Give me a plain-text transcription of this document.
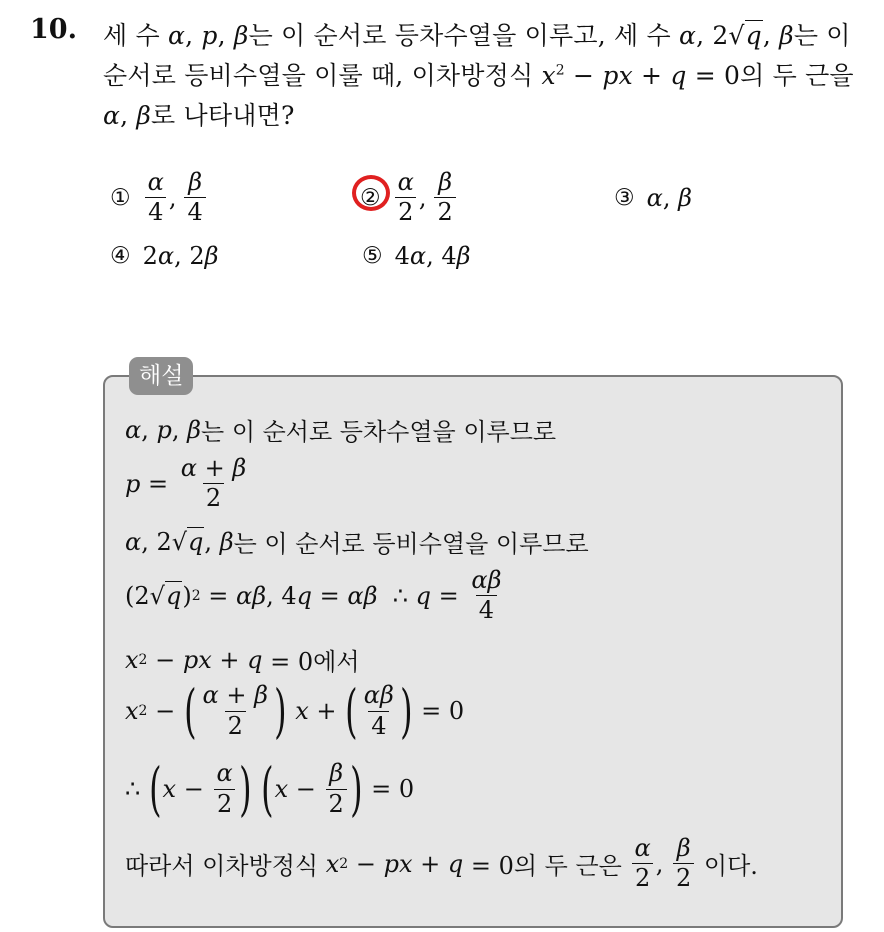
10. 세 수 α, p, β는 이 순서로 등차수열을 이루고, 세 수 α, 2√q, β는 이
순서로 등비수열을 이룰 때, 이차방정식 $x^2$ − px + q = 0의 두 근을
α, β로 나타내면?
① $\frac{\alpha}{4}$ , $\frac{\beta}{4}$	② $\frac{\alpha}{2}$ , $\frac{\beta}{2}$	③ α , β
④ 2 α , 2 β	⑤ 4 α , 4 β
해설
α , p , β 는 이 순서로 등차수열을 이루므로
$p = \frac{\alpha + \beta}{2}$
α , 2 √q , β 는 이 순서로 등비수열을 이루므로
(2 √q ) 2 = αβ , 4 q = αβ ∴ $q = \frac{\alpha\beta}{4}$
x 2 − px + q = 0에서
x 2 − ( $\frac{\alpha + \beta}{2}$ )
x + ( $\frac{\alpha\beta}{4}$ ) = 0
∴ ( $x - \frac{\alpha}{2}$ )
( $x - \frac{\beta}{2}$ ) = 0
따라서 이차방정식 x 2 − px + q = 0의 두 근은 $\frac{\alpha}{2}$ , $\frac{\beta}{2}$ 이다.
